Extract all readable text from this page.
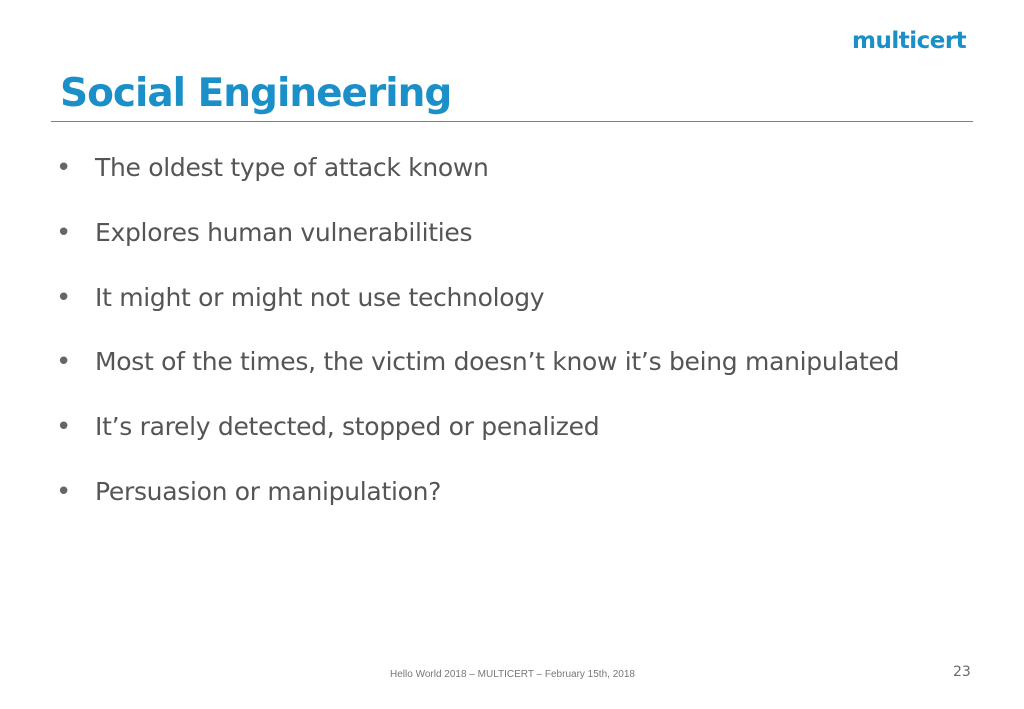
multicert
Social Engineering
• The oldest type of attack known
• Explores human vulnerabilities
• It might or might not use technology
• Most of the times, the victim doesn’t know it’s being manipulated
• It’s rarely detected, stopped or penalized
• Persuasion or manipulation?
Hello World 2018 – MULTICERT – February 15th, 2018	23
